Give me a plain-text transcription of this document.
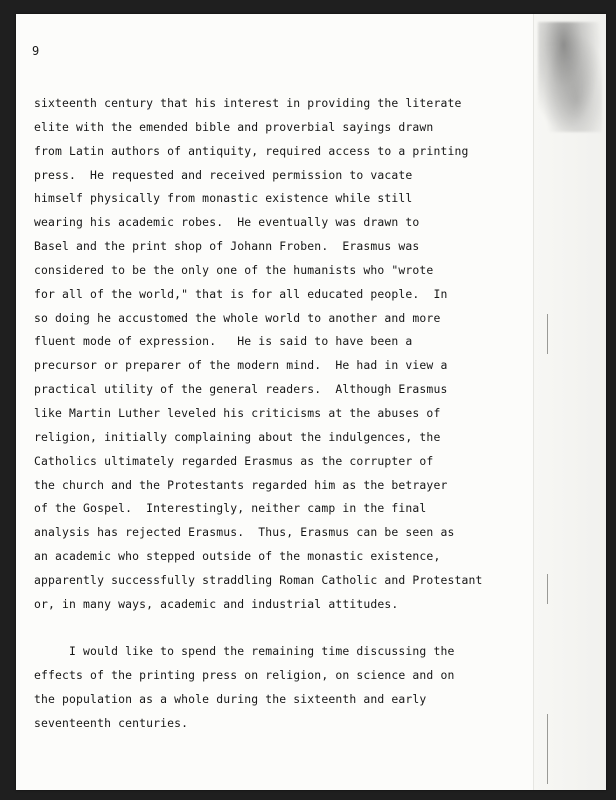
9
sixteenth century that his interest in providing the literate
elite with the emended bible and proverbial sayings drawn
from Latin authors of antiquity, required access to a printing
press.  He requested and received permission to vacate
himself physically from monastic existence while still
wearing his academic robes.  He eventually was drawn to
Basel and the print shop of Johann Froben.  Erasmus was
considered to be the only one of the humanists who "wrote
for all of the world," that is for all educated people.  In
so doing he accustomed the whole world to another and more
fluent mode of expression.   He is said to have been a
precursor or preparer of the modern mind.  He had in view a
practical utility of the general readers.  Although Erasmus
like Martin Luther leveled his criticisms at the abuses of
religion, initially complaining about the indulgences, the
Catholics ultimately regarded Erasmus as the corrupter of
the church and the Protestants regarded him as the betrayer
of the Gospel.  Interestingly, neither camp in the final
analysis has rejected Erasmus.  Thus, Erasmus can be seen as
an academic who stepped outside of the monastic existence,
apparently successfully straddling Roman Catholic and Protestant
or, in many ways, academic and industrial attitudes.
I would like to spend the remaining time discussing the
effects of the printing press on religion, on science and on
the population as a whole during the sixteenth and early
seventeenth centuries.
